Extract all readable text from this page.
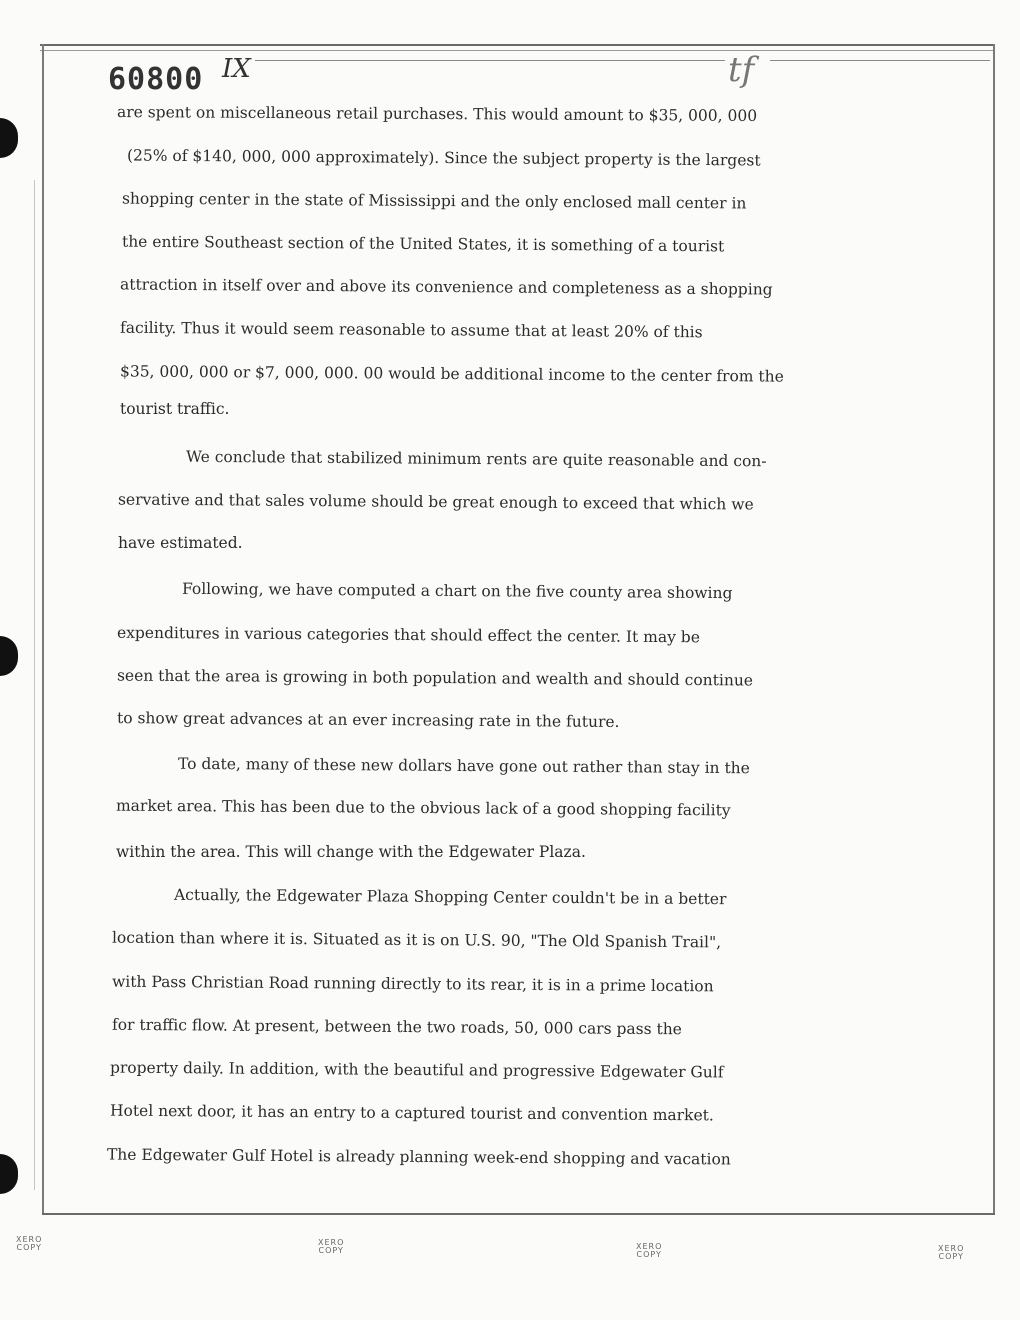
60800 IX	tf
are spent on miscellaneous retail purchases. This would amount to $35, 000, 000
(25% of $140, 000, 000 approximately). Since the subject property is the largest
shopping center in the state of Mississippi and the only enclosed mall center in
the entire Southeast section of the United States, it is something of a tourist
attraction in itself over and above its convenience and completeness as a shopping
facility. Thus it would seem reasonable to assume that at least 20% of this
$35, 000, 000 or $7, 000, 000. 00 would be additional income to the center from the
tourist traffic.
We conclude that stabilized minimum rents are quite reasonable and con-
servative and that sales volume should be great enough to exceed that which we
have estimated.
Following, we have computed a chart on the five county area showing
expenditures in various categories that should effect the center. It may be
seen that the area is growing in both population and wealth and should continue
to show great advances at an ever increasing rate in the future.
To date, many of these new dollars have gone out rather than stay in the
market area. This has been due to the obvious lack of a good shopping facility
within the area. This will change with the Edgewater Plaza.
Actually, the Edgewater Plaza Shopping Center couldn't be in a better
location than where it is. Situated as it is on U.S. 90, "The Old Spanish Trail",
with Pass Christian Road running directly to its rear, it is in a prime location
for traffic flow. At present, between the two roads, 50, 000 cars pass the
property daily. In addition, with the beautiful and progressive Edgewater Gulf
Hotel next door, it has an entry to a captured tourist and convention market.
The Edgewater Gulf Hotel is already planning week-end shopping and vacation
XERO
COPY
XERO
COPY	XERO
COPY
XERO
COPY
